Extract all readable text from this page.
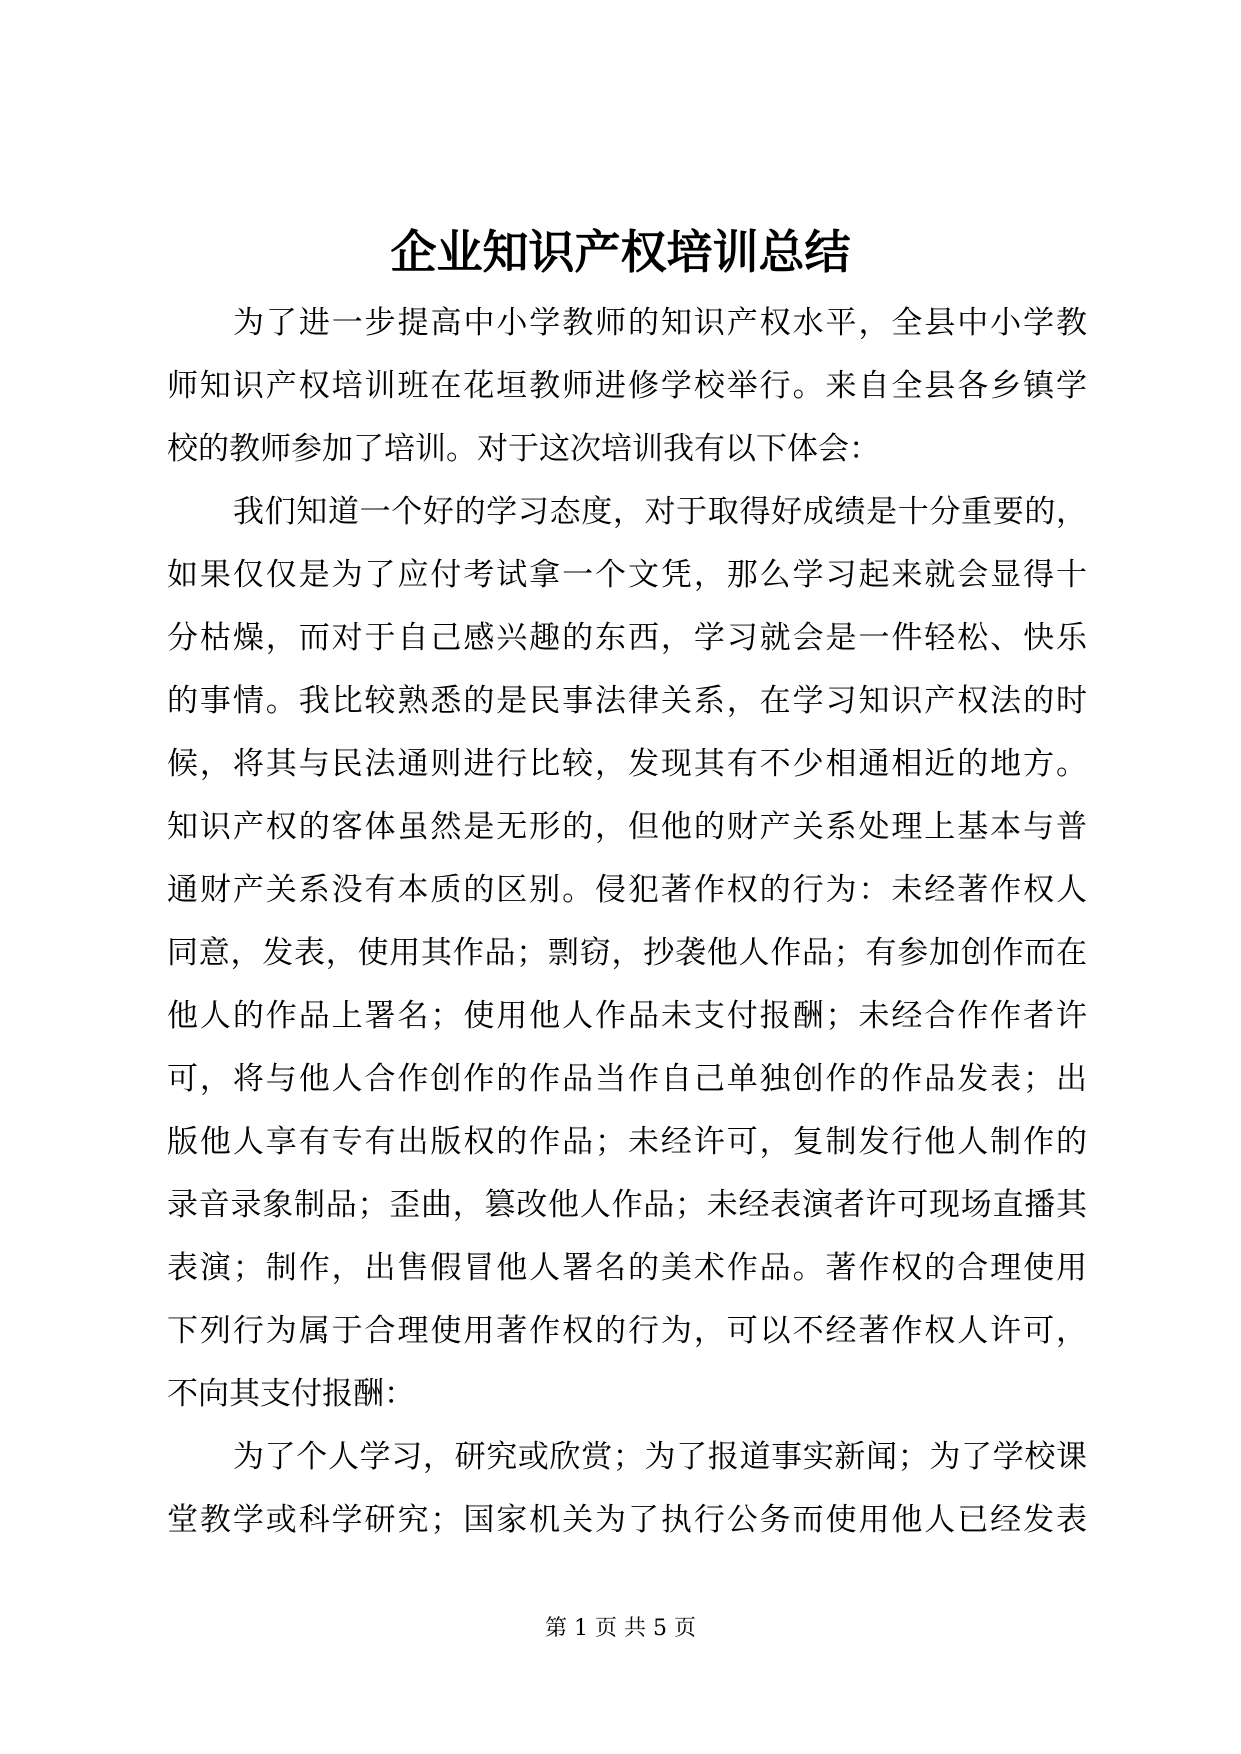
企业知识产权培训总结

为了进一步提高中小学教师的知识产权水平，全县中小学教

师知识产权培训班在花垣教师进修学校举行。来自全县各乡镇学

校的教师参加了培训。对于这次培训我有以下体会：

我们知道一个好的学习态度，对于取得好成绩是十分重要的，

如果仅仅是为了应付考试拿一个文凭，那么学习起来就会显得十

分枯燥，而对于自己感兴趣的东西，学习就会是一件轻松、快乐

的事情。我比较熟悉的是民事法律关系，在学习知识产权法的时

候，将其与民法通则进行比较，发现其有不少相通相近的地方。

知识产权的客体虽然是无形的，但他的财产关系处理上基本与普

通财产关系没有本质的区别。侵犯著作权的行为：未经著作权人

同意，发表，使用其作品；剽窃，抄袭他人作品；有参加创作而在

他人的作品上署名；使用他人作品未支付报酬；未经合作作者许

可，将与他人合作创作的作品当作自己单独创作的作品发表；出

版他人享有专有出版权的作品；未经许可，复制发行他人制作的

录音录象制品；歪曲，篡改他人作品；未经表演者许可现场直播其

表演；制作，出售假冒他人署名的美术作品。著作权的合理使用

下列行为属于合理使用著作权的行为，可以不经著作权人许可，

不向其支付报酬：

为了个人学习，研究或欣赏；为了报道事实新闻；为了学校课

堂教学或科学研究；国家机关为了执行公务而使用他人已经发表

第 1 页 共 5 页
